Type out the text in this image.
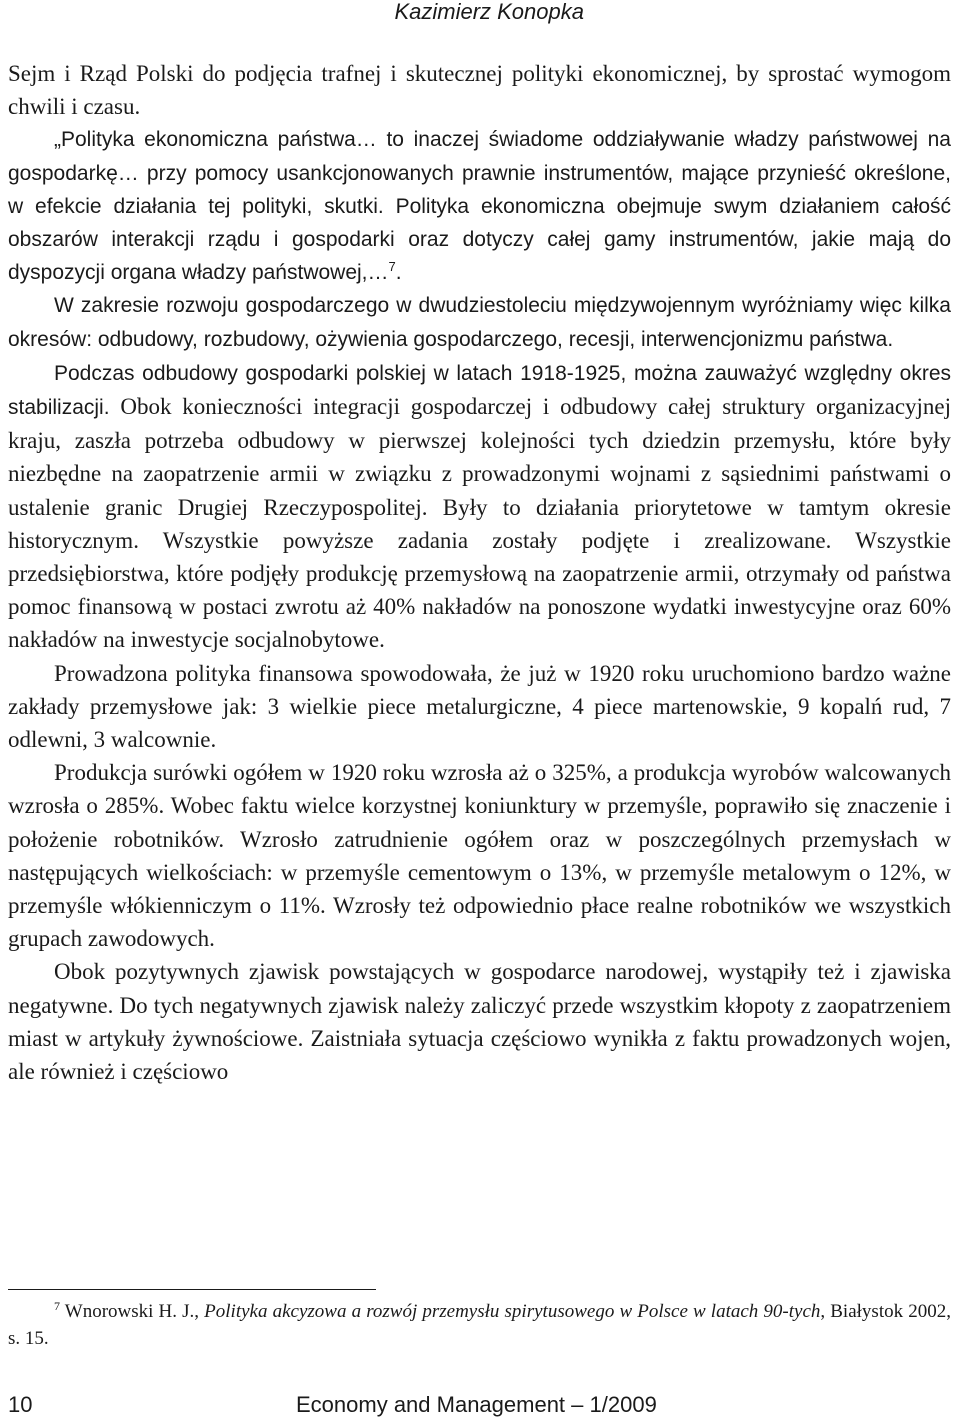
Kazimierz Konopka

Sejm i Rząd Polski do podjęcia trafnej i skutecznej polityki ekonomicznej, by sprostać wymogom chwili i czasu.

„Polityka ekonomiczna państwa… to inaczej świadome oddziaływanie władzy państwowej na gospodarkę… przy pomocy usankcjonowanych prawnie instrumentów, mające przynieść określone, w efekcie działania tej polityki, skutki. Polityka ekonomiczna obejmuje swym działaniem całość obszarów interakcji rządu i gospodarki oraz dotyczy całej gamy instrumentów, jakie mają do dyspozycji organa władzy państwowej,…$^7$.

W zakresie rozwoju gospodarczego w dwudziestoleciu międzywojennym wyróżniamy więc kilka okresów: odbudowy, rozbudowy, ożywienia gospodarczego, recesji, interwencjonizmu państwa.

Podczas odbudowy gospodarki polskiej w latach 1918-1925, można zauważyć względny okres stabilizacji. Obok konieczności integracji gospodarczej i odbudowy całej struktury organizacyjnej kraju, zaszła potrzeba odbudowy w pierwszej kolejności tych dziedzin przemysłu, które były niezbędne na zaopatrzenie armii w związku z prowadzonymi wojnami z sąsiednimi państwami o ustalenie granic Drugiej Rzeczypospolitej. Były to działania priorytetowe w tamtym okresie historycznym. Wszystkie powyższe zadania zostały podjęte i zrealizowane. Wszystkie przedsiębiorstwa, które podjęły produkcję przemysłową na zaopatrzenie armii, otrzymały od państwa pomoc finansową w postaci zwrotu aż 40% nakładów na ponoszone wydatki inwestycyjne oraz 60% nakładów na inwestycje socjalnobytowe.

Prowadzona polityka finansowa spowodowała, że już w 1920 roku uruchomiono bardzo ważne zakłady przemysłowe jak: 3 wielkie piece metalurgiczne, 4 piece martenowskie, 9 kopalń rud, 7 odlewni, 3 walcownie.

Produkcja surówki ogółem w 1920 roku wzrosła aż o 325%, a produkcja wyrobów walcowanych wzrosła o 285%. Wobec faktu wielce korzystnej koniunktury w przemyśle, poprawiło się znaczenie i położenie robotników. Wzrosło zatrudnienie ogółem oraz w poszczególnych przemysłach w następujących wielkościach: w przemyśle cementowym o 13%, w przemyśle metalowym o 12%, w przemyśle włókienniczym o 11%. Wzrosły też odpowiednio płace realne robotników we wszystkich grupach zawodowych.

Obok pozytywnych zjawisk powstających w gospodarce narodowej, wystąpiły też i zjawiska negatywne. Do tych negatywnych zjawisk należy zaliczyć przede wszystkim kłopoty z zaopatrzeniem miast w artykuły żywnościowe. Zaistniała sytuacja częściowo wynikła z faktu prowadzonych wojen, ale również i częściowo

$^7$ Wnorowski H. J., Polityka akcyzowa a rozwój przemysłu spirytusowego w Polsce w latach 90-tych, Białystok 2002, s. 15.

10	Economy and Management – 1/2009
